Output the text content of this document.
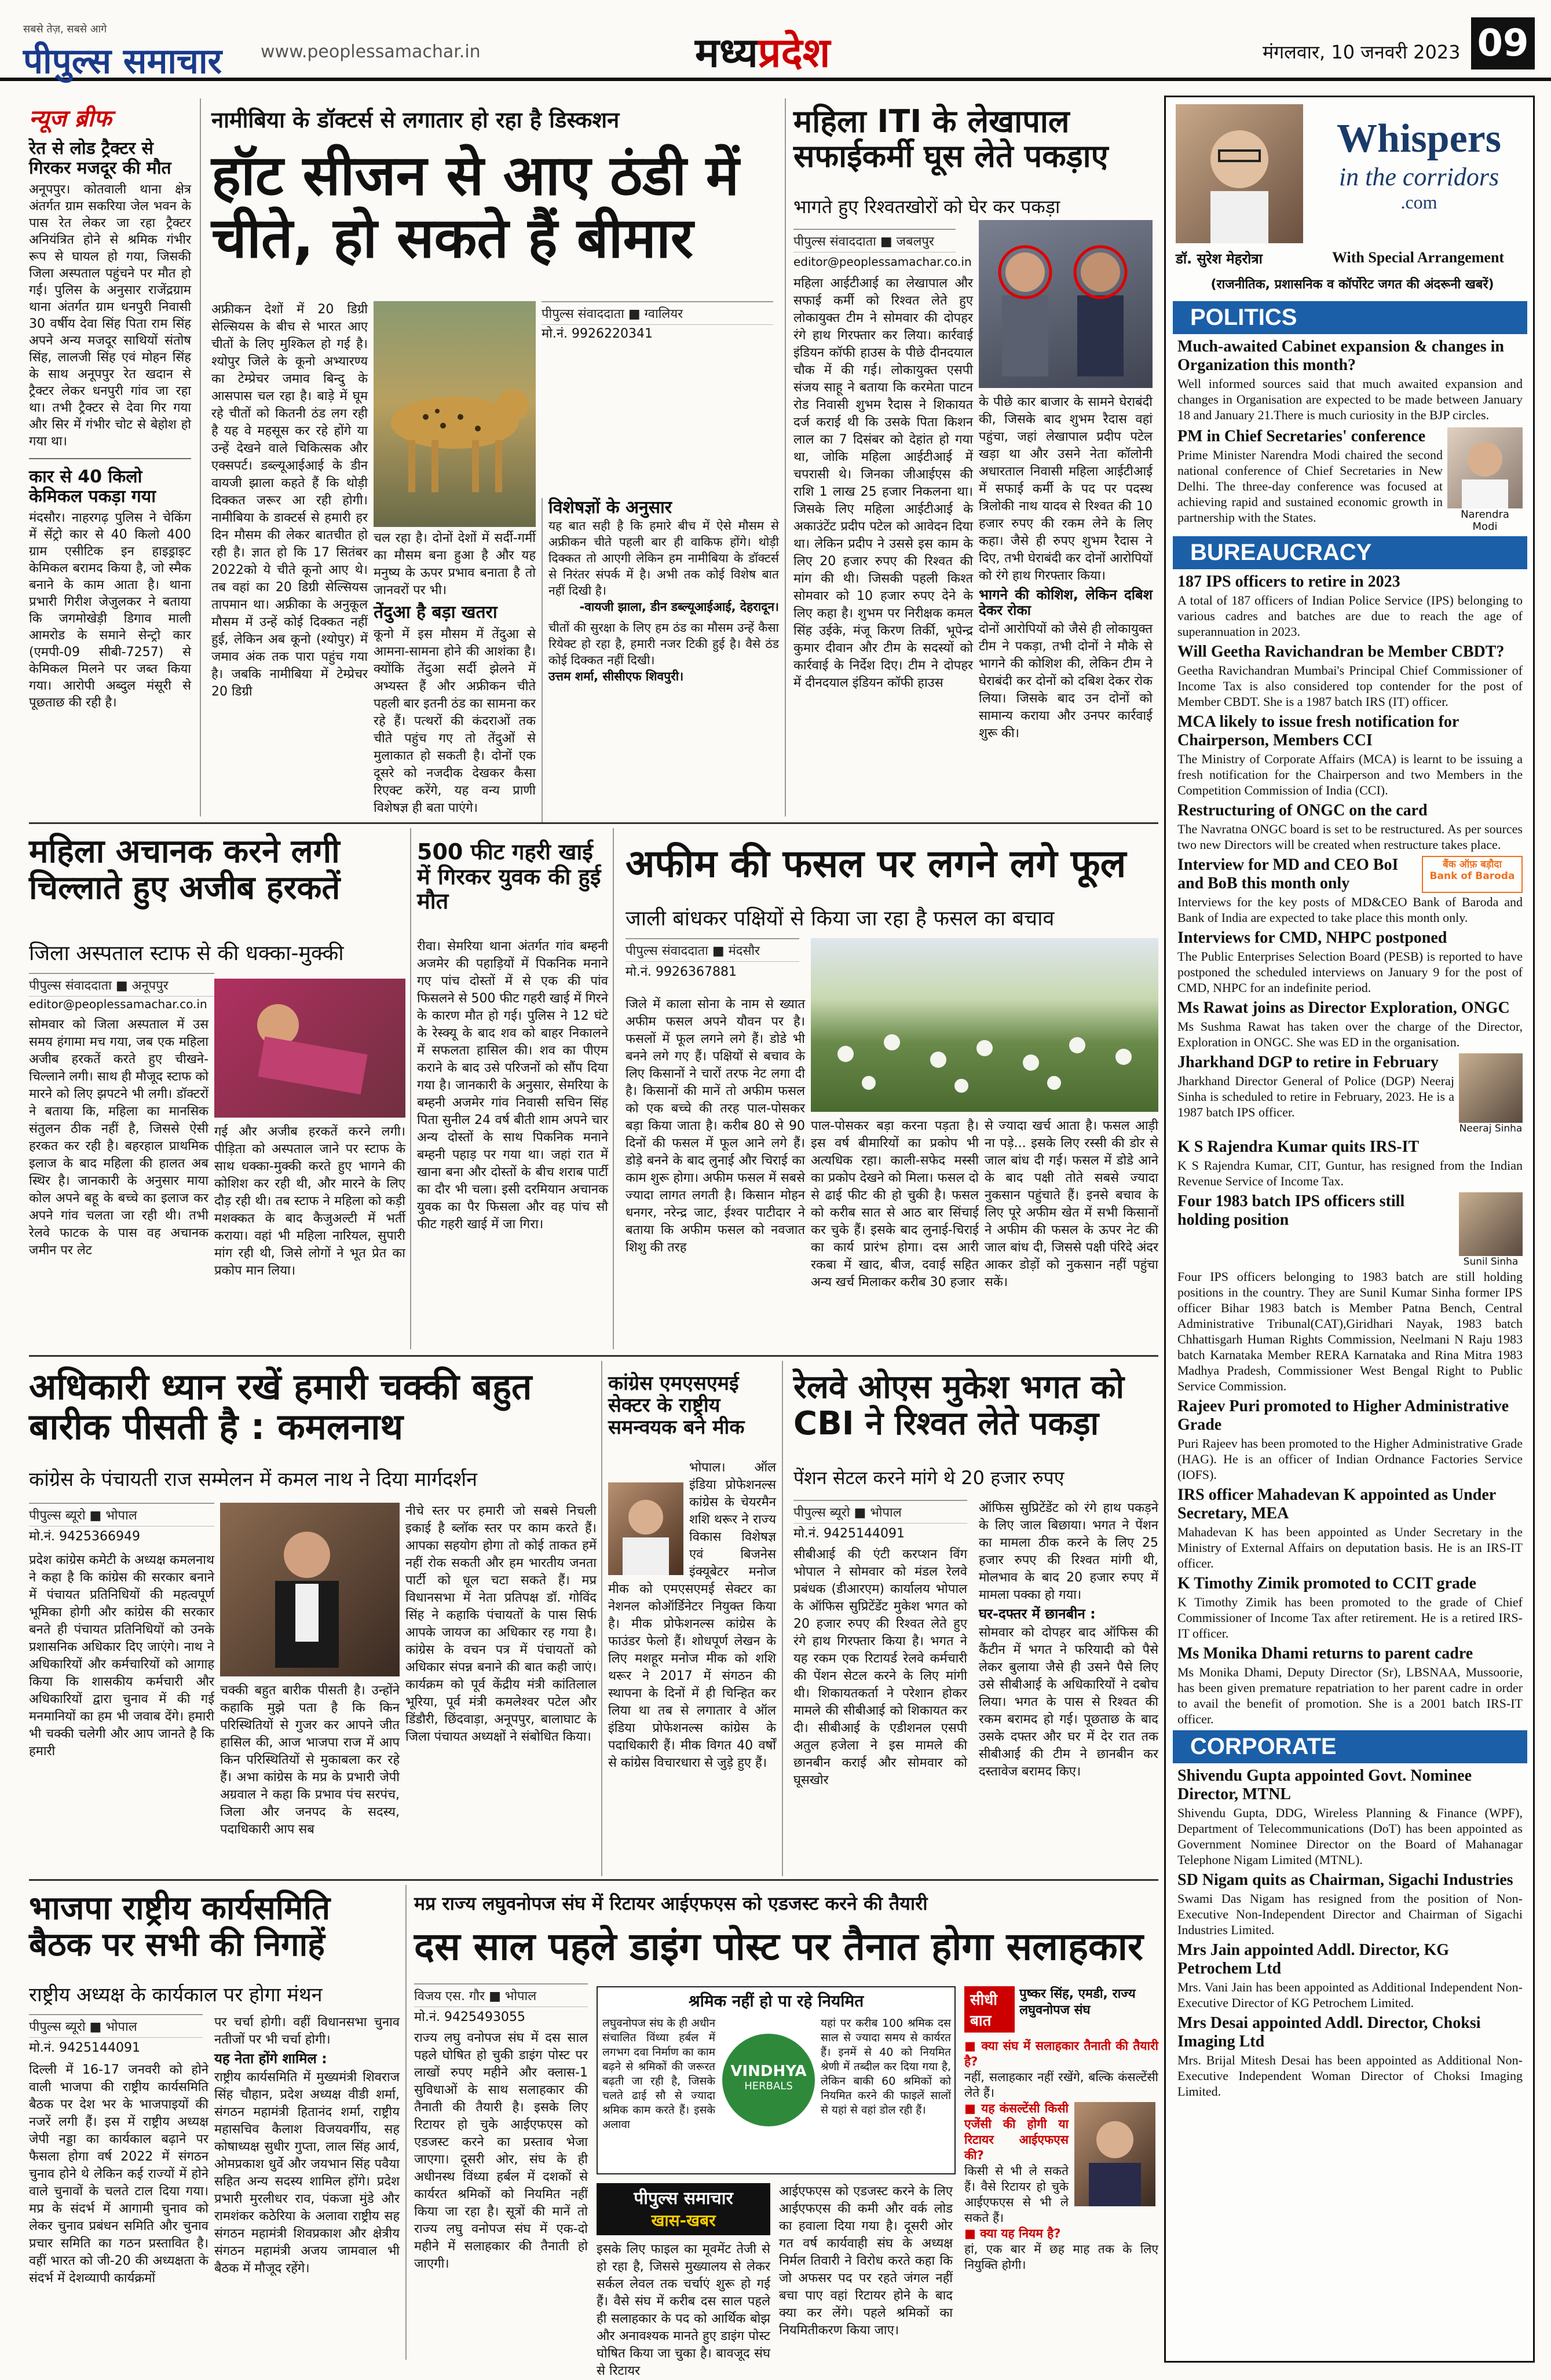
सबसे तेज़, सबसे आगे
पीपुल्स समाचार www.peoplessamachar.in	मध्यप्रदेश	मंगलवार, 10 जनवरी 2023 09
न्यूज ब्रीफ
रेत से लोड ट्रैक्टर से गिरकर मजदूर की मौत
अनूपपुर। कोतवाली थाना क्षेत्र अंतर्गत ग्राम सकरिया जेल भवन के पास रेत लेकर जा रहा ट्रैक्टर अनियंत्रित होने से श्रमिक गंभीर रूप से घायल हो गया, जिसकी जिला अस्पताल पहुंचने पर मौत हो गई। पुलिस के अनुसार राजेंद्रग्राम थाना अंतर्गत ग्राम धनपुरी निवासी 30 वर्षीय देवा सिंह पिता राम सिंह अपने अन्य मजदूर साथियों संतोष सिंह, लालजी सिंह एवं मोहन सिंह के साथ अनूपपुर रेत खदान से ट्रैक्टर लेकर धनपुरी गांव जा रहा था। तभी ट्रैक्टर से देवा गिर गया और सिर में गंभीर चोट से बेहोश हो गया था।
कार से 40 किलो केमिकल पकड़ा गया
मंदसौर। नाहरगढ़ पुलिस ने चेकिंग में सेंट्रो कार से 40 किलो 400 ग्राम एसीटिक इन हाइड्राइट केमिकल बरामद किया है, जो स्मैक बनाने के काम आता है। थाना प्रभारी गिरीश जेजुलकर ने बताया कि जगमोखेड़ी डिगाव माली आमरोड के समाने सेन्ट्रो कार (एमपी-09 सीबी-7257) से केमिकल मिलने पर जब्त किया गया। आरोपी अब्दुल मंसूरी से पूछताछ की रही है।
नामीबिया के डॉक्टर्स से लगातार हो रहा है डिस्कशन
हॉट सीजन से आए ठंडी में चीते, हो सकते हैं बीमार
पीपुल्स संवाददाता ■ ग्वालियर
मो.नं. 9926220341
अफ्रीकन देशों में 20 डिग्री सेल्सियस के बीच से भारत आए चीतों के लिए मुश्किल हो गई है। श्योपुर जिले के कूनो अभ्यारण्य का टेम्प्रेचर जमाव बिन्दु के आसपास चल रहा है। बाड़े में घूम रहे चीतों को कितनी ठंड लग रही है यह वे महसूस कर रहे होंगे या उन्हें देखने वाले चिकित्सक और एक्सपर्ट। डब्ल्यूआईआई के डीन वायजी झाला कहते हैं कि थोड़ी दिक्कत जरूर आ रही होगी। नामीबिया के डाक्टर्स से हमारी हर दिन मौसम की लेकर बातचीत हो रही है। ज्ञात हो कि 17 सितंबर 2022को ये चीते कूनो आए थे। तब वहां का 20 डिग्री सेल्सियस तापमान था। अफ्रीका के अनुकूल मौसम में उन्हें कोई दिक्कत नहीं हुई, लेकिन अब कूनो (श्योपुर) में जमाव अंक तक पारा पहुंच गया है। जबकि नामीबिया में टेम्प्रेचर 20 डिग्री
चल रहा है। दोनों देशों में सर्दी-गर्मी का मौसम बना हुआ है और यह मनुष्य के ऊपर प्रभाव बनाता है तो जानवरों पर भी।
तेंदुआ है बड़ा खतरा
कूनो में इस मौसम में तेंदुआ से आमना-सामना होने की आशंका है। क्योंकि तेंदुआ सर्दी झेलने में अभ्यस्त हैं और अफ्रीकन चीते पहली बार इतनी ठंड का सामना कर रहे हैं। पत्थरों की कंदराओं तक चीते पहुंच गए तो तेंदुओं से मुलाकात हो सकती है। दोनों एक दूसरे को नजदीक देखकर कैसा रिएक्ट करेंगे, यह वन्य प्राणी विशेषज्ञ ही बता पाएंगे।
विशेषज्ञों के अनुसार
यह बात सही है कि हमारे बीच में ऐसे मौसम से अफ्रीकन चीते पहली बार ही वाकिफ होंगे। थोड़ी दिक्कत तो आएगी लेकिन हम नामीबिया के डॉक्टर्स से निरंतर संपर्क में है। अभी तक कोई विशेष बात नहीं दिखी है।
-वायजी झाला, डीन डब्ल्यूआईआई, देहरादून।
चीतों की सुरक्षा के लिए हम ठंड का मौसम उन्हें कैसा रियेक्ट हो रहा है, हमारी नजर टिकी हुई है। वैसे ठंड कोई दिक्कत नहीं दिखी।
उत्तम शर्मा, सीसीएफ शिवपुरी।
महिला ITI के लेखापाल सफाईकर्मी घूस लेते पकड़ाए
भागते हुए रिश्वतखोरों को घेर कर पकड़ा
पीपुल्स संवाददाता ■ जबलपुर
editor@peoplessamachar.co.in
महिला आईटीआई का लेखापाल और सफाई कर्मी को रिश्वत लेते हुए लोकायुक्त टीम ने सोमवार की दोपहर रंगे हाथ गिरफ्तार कर लिया। कार्रवाई इंडियन कॉफी हाउस के पीछे दीनदयाल चौक में की गई। लोकायुक्त एसपी संजय साहू ने बताया कि करमेता पाटन रोड निवासी शुभम रैदास ने शिकायत दर्ज कराई थी कि उसके पिता किशन लाल का 7 दिसंबर को देहांत हो गया था, जोकि महिला आईटीआई में चपरासी थे। जिनका जीआईएस की राशि 1 लाख 25 हजार निकलना था। जिसके लिए महिला आईटीआई के अकाउंटेंट प्रदीप पटेल को आवेदन दिया था। लेकिन प्रदीप ने उससे इस काम के लिए 20 हजार रुपए की रिश्वत की मांग की थी। जिसकी पहली किश्त सोमवार को 10 हजार रुपए देने के लिए कहा है। शुभम पर निरीक्षक कमल सिंह उईके, मंजू किरण तिर्की, भूपेन्द्र कुमार दीवान और टीम के सदस्यों को कार्रवाई के निर्देश दिए। टीम ने दोपहर में दीनदयाल इंडियन कॉफी हाउस
के पीछे कार बाजार के सामने घेराबंदी की, जिसके बाद शुभम रैदास वहां पहुंचा, जहां लेखापाल प्रदीप पटेल खड़ा था और उसने नेता कॉलोनी अधारताल निवासी महिला आईटीआई में सफाई कर्मी के पद पर पदस्थ त्रिलोकी नाथ यादव से रिश्वत की 10 हजार रुपए की रकम लेने के लिए कहा। जैसे ही रुपए शुभम रैदास ने दिए, तभी घेराबंदी कर दोनों आरोपियों को रंगे हाथ गिरफ्तार किया।
भागने की कोशिश, लेकिन दबिश देकर रोका
दोनों आरोपियों को जैसे ही लोकायुक्त टीम ने पकड़ा, तभी दोनों ने मौके से भागने की कोशिश की, लेकिन टीम ने घेराबंदी कर दोनों को दबिश देकर रोक लिया। जिसके बाद उन दोनों को सामान्य कराया और उनपर कार्रवाई शुरू की।
महिला अचानक करने लगी चिल्लाते हुए अजीब हरकतें
जिला अस्पताल स्टाफ से की धक्का-मुक्की
पीपुल्स संवाददाता ■ अनूपपुर
editor@peoplessamachar.co.in
सोमवार को जिला अस्पताल में उस समय हंगामा मच गया, जब एक महिला अजीब हरकतें करते हुए चीखने-चिल्लाने लगी। साथ ही मौजूद स्टाफ को मारने को लिए झपटने भी लगी। डॉक्टरों ने बताया कि, महिला का मानसिक संतुलन ठीक नहीं है, जिससे ऐसी हरकत कर रही है। बहरहाल प्राथमिक इलाज के बाद महिला की हालत अब स्थिर है। जानकारी के अनुसार माया कोल अपने बहू के बच्चे का इलाज कर अपने गांव चलता जा रही थी। तभी रेलवे फाटक के पास वह अचानक जमीन पर लेट
गई और अजीब हरकतें करने लगी। पीड़िता को अस्पताल जाने पर स्टाफ के साथ धक्का-मुक्की करते हुए भागने की कोशिश कर रही थी, और मारने के लिए दौड़ रही थी। तब स्टाफ ने महिला को कड़ी मशक्कत के बाद कैजुअल्टी में भर्ती कराया। वहां भी महिला नारियल, सुपारी मांग रही थी, जिसे लोगों ने भूत प्रेत का प्रकोप मान लिया।
500 फीट गहरी खाई में गिरकर युवक की हुई मौत
रीवा। सेमरिया थाना अंतर्गत गांव बम्हनी अजमेर की पहाड़ियों में पिकनिक मनाने गए पांच दोस्तों में से एक की पांव फिसलने से 500 फीट गहरी खाई में गिरने के कारण मौत हो गई। पुलिस ने 12 घंटे के रेस्क्यू के बाद शव को बाहर निकालने में सफलता हासिल की। शव का पीएम कराने के बाद उसे परिजनों को सौंप दिया गया है। जानकारी के अनुसार, सेमरिया के बम्हनी अजमेर गांव निवासी सचिन सिंह पिता सुनील 24 वर्ष बीती शाम अपने चार अन्य दोस्तों के साथ पिकनिक मनाने बम्हनी पहाड़ पर गया था। जहां रात में खाना बना और दोस्तों के बीच शराब पार्टी का दौर भी चला। इसी दरमियान अचानक युवक का पैर फिसला और वह पांच सौ फीट गहरी खाई में जा गिरा।
अफीम की फसल पर लगने लगे फूल
जाली बांधकर पक्षियों से किया जा रहा है फसल का बचाव
पीपुल्स संवाददाता ■ मंदसौर
मो.नं. 9926367881
जिले में काला सोना के नाम से ख्यात अफीम फसल अपने यौवन पर है। फसलों में फूल लगने लगे हैं। डोडे भी बनने लगे गए हैं। पक्षियों से बचाव के लिए किसानों ने चारों तरफ नेट लगा दी है। किसानों की मानें तो अफीम फसल को एक बच्चे की तरह पाल-पोसकर बड़ा किया जाता है। करीब 80 से 90 दिनों की फसल में फूल आने लगे हैं। डोड़े बनने के बाद लुनाई और चिराई का काम शुरू होगा। अफीम फसल में सबसे ज्यादा लागत लगती है। किसान मोहन धनगर, नरेन्द्र जाट, ईश्वर पाटीदार ने बताया कि अफीम फसल को नवजात शिशु की तरह
पाल-पोसकर बड़ा करना पड़ता है। इस वर्ष बीमारियों का प्रकोप भी अत्यधिक रहा। काली-सफेद मस्सी का प्रकोप देखने को मिला। फसल दो से ढाई फीट की हो चुकी है। फसल को करीब सात से आठ बार सिंचाई कर चुके हैं। इसके बाद लुनाई-चिराई का कार्य प्रारंभ होगा। दस आरी रकबा में खाद, बीज, दवाई सहित अन्य खर्च मिलाकर करीब 30 हजार
से ज्यादा खर्च आता है। फसल आड़ी ना पड़े... इसके लिए रस्सी की डोर से जाल बांध दी गई। फसल में डोडे आने के बाद पक्षी तोते सबसे ज्यादा नुकसान पहुंचाते हैं। इनसे बचाव के लिए पूरे अफीम खेत में सभी किसानों ने अफीम की फसल के ऊपर नेट की जाल बांध दी, जिससे पक्षी पंरिदे अंदर आकर डोड़ों को नुकसान नहीं पहुंचा सकें।
अधिकारी ध्यान रखें हमारी चक्की बहुत बारीक पीसती है : कमलनाथ
कांग्रेस के पंचायती राज सम्मेलन में कमल नाथ ने दिया मार्गदर्शन
पीपुल्स ब्यूरो ■ भोपाल
मो.नं. 9425366949
प्रदेश कांग्रेस कमेटी के अध्यक्ष कमलनाथ ने कहा है कि कांग्रेस की सरकार बनाने में पंचायत प्रतिनिधियों की महत्वपूर्ण भूमिका होगी और कांग्रेस की सरकार बनते ही पंचायत प्रतिनिधियों को उनके प्रशासनिक अधिकार दिए जाएंगे। नाथ ने अधिकारियों और कर्मचारियों को आगाह किया कि शासकीय कर्मचारी और अधिकारियों द्वारा चुनाव में की गई मनमानियों का हम भी जवाब देंगे। हमारी भी चक्की चलेगी और आप जानते है कि हमारी
चक्की बहुत बारीक पीसती है। उन्होंने कहाकि मुझे पता है कि किन परिस्थितियों से गुजर कर आपने जीत हासिल की, आज भाजपा राज में आप किन परिस्थितियों से मुकाबला कर रहे हैं। अभा कांग्रेस के मप्र के प्रभारी जेपी अग्रवाल ने कहा कि प्रभाव पंच सरपंच, जिला और जनपद के सदस्य, पदाधिकारी आप सब
नीचे स्तर पर हमारी जो सबसे निचली इकाई है ब्लॉक स्तर पर काम करते हैं। आपका सहयोग होगा तो कोई ताकत हमें नहीं रोक सकती और हम भारतीय जनता पार्टी को धूल चटा सकते हैं। मप्र विधानसभा में नेता प्रतिपक्ष डॉ. गोविंद सिंह ने कहाकि पंचायतों के पास सिर्फ आपके जायज का अधिकार रह गया है। कांग्रेस के वचन पत्र में पंचायतों को अधिकार संपन्न बनाने की बात कही जाएं। कार्यक्रम को पूर्व केंद्रीय मंत्री कांतिलाल भूरिया, पूर्व मंत्री कमलेश्वर पटेल और डिंडौरी, छिंदवाड़ा, अनूपपुर, बालाघाट के जिला पंचायत अध्यक्षों ने संबोधित किया।
कांग्रेस एमएसएमई सेक्टर के राष्ट्रीय समन्वयक बने मीक
भोपाल। ऑल इंडिया प्रोफेशनल्स कांग्रेस के चेयरमैन शशि थरूर ने राज्य विकास विशेषज्ञ एवं बिजनेस इंक्यूबेटर मनोज मीक को एमएसएमई सेक्टर का नेशनल कोऑर्डिनेटर नियुक्त किया है। मीक प्रोफेशनल्स कांग्रेस के फाउंडर फेलो हैं। शोधपूर्ण लेखन के लिए मशहूर मनोज मीक को शशि थरूर ने 2017 में संगठन की स्थापना के दिनों में ही चिन्हित कर लिया था तब से लगातार वे ऑल इंडिया प्रोफेशनल्स कांग्रेस के पदाधिकारी हैं। मीक विगत 40 वर्षों से कांग्रेस विचारधारा से जुड़े हुए हैं।
रेलवे ओएस मुकेश भगत को CBI ने रिश्वत लेते पकड़ा
पेंशन सेटल करने मांगे थे 20 हजार रुपए
पीपुल्स ब्यूरो ■ भोपाल
मो.नं. 9425144091
सीबीआई की एंटी करप्शन विंग भोपाल ने सोमवार को मंडल रेलवे प्रबंधक (डीआरएम) कार्यालय भोपाल के ऑफिस सुप्रिटेंडेंट मुकेश भगत को 20 हजार रुपए की रिश्वत लेते हुए रंगे हाथ गिरफ्तार किया है। भगत ने यह रकम एक रिटायर्ड रेलवे कर्मचारी की पेंशन सेटल करने के लिए मांगी थी। शिकायतकर्ता ने परेशान होकर मामले की सीबीआई को शिकायत कर दी। सीबीआई के एडीशनल एसपी अतुल हजेला ने इस मामले की छानबीन कराई और सोमवार को घूसखोर
ऑफिस सुप्रिटेंडेंट को रंगे हाथ पकड़ने के लिए जाल बिछाया। भगत ने पेंशन का मामला ठीक करने के लिए 25 हजार रुपए की रिश्वत मांगी थी, मोलभाव के बाद 20 हजार रुपए में मामला पक्का हो गया।
घर-दफ्तर में छानबीन :
सोमवार को दोपहर बाद ऑफिस की कैंटीन में भगत ने फरियादी को पैसे लेकर बुलाया जैसे ही उसने पैसे लिए उसे सीबीआई के अधिकारियों ने दबोच लिया। भगत के पास से रिश्वत की रकम बरामद हो गई। पूछताछ के बाद उसके दफ्तर और घर में देर रात तक सीबीआई की टीम ने छानबीन कर दस्तावेज बरामद किए।
भाजपा राष्ट्रीय कार्यसमिति बैठक पर सभी की निगाहें
राष्ट्रीय अध्यक्ष के कार्यकाल पर होगा मंथन
पीपुल्स ब्यूरो ■ भोपाल
मो.नं. 9425144091
दिल्ली में 16-17 जनवरी को होने वाली भाजपा की राष्ट्रीय कार्यसमिति बैठक पर देश भर के भाजपाइयों की नजरें लगी हैं। इस में राष्ट्रीय अध्यक्ष जेपी नड्डा का कार्यकाल बढ़ाने पर फैसला होगा वर्ष 2022 में संगठन चुनाव होने थे लेकिन कई राज्यों में होने वाले चुनावों के चलते टाल दिया गया। मप्र के संदर्भ में आगामी चुनाव को लेकर चुनाव प्रबंधन समिति और चुनाव प्रचार समिति का गठन प्रस्तावित है। वहीं भारत को जी-20 की अध्यक्षता के संदर्भ में देशव्यापी कार्यक्रमों
पर चर्चा होगी। वहीं विधानसभा चुनाव नतीजों पर भी चर्चा होगी।
यह नेता होंगे शामिल :
राष्ट्रीय कार्यसमिति में मुख्यमंत्री शिवराज सिंह चौहान, प्रदेश अध्यक्ष वीडी शर्मा, संगठन महामंत्री हितानंद शर्मा, राष्ट्रीय महासचिव कैलाश विजयवर्गीय, सह कोषाध्यक्ष सुधीर गुप्ता, लाल सिंह आर्य, ओमप्रकाश धुर्वे और जयभान सिंह पवैया सहित अन्य सदस्य शामिल होंगे। प्रदेश प्रभारी मुरलीधर राव, पंकजा मुंडे और रामशंकर कठेरिया के अलावा राष्ट्रीय सह संगठन महामंत्री शिवप्रकाश और क्षेत्रीय संगठन महामंत्री अजय जामवाल भी बैठक में मौजूद रहेंगे।
मप्र राज्य लघुवनोपज संघ में रिटायर आईएफएस को एडजस्ट करने की तैयारी
दस साल पहले डाइंग पोस्ट पर तैनात होगा सलाहकार
विजय एस. गौर ■ भोपाल
मो.नं. 9425493055
राज्य लघु वनोपज संघ में दस साल पहले घोषित हो चुकी डाइंग पोस्ट पर लाखों रुपए महीने और क्लास-1 सुविधाओं के साथ सलाहकार की तैनाती की तैयारी है। इसके लिए रिटायर हो चुके आईएफएस को एडजस्ट करने का प्रस्ताव भेजा जाएगा। दूसरी ओर, संघ के ही अधीनस्थ विंध्या हर्बल में दशकों से कार्यरत श्रमिकों को नियमित नहीं किया जा रहा है। सूत्रों की मानें तो राज्य लघु वनोपज संघ में एक-दो महीने में सलाहकार की तैनाती हो जाएगी।
श्रमिक नहीं हो पा रहे नियमित
लघुवनोपज संघ के ही अधीन संचालित विंध्या हर्बल में लगभग दवा निर्माण का काम बढ़ने से श्रमिकों की जरूरत बढ़ती जा रही है, जिसके चलते ढाई सौ से ज्यादा श्रमिक काम करते हैं। इसके अलावा
VINDHYA
HERBALS
यहां पर करीब 100 श्रमिक दस साल से ज्यादा समय से कार्यरत हैं। इनमें से 40 को नियमित श्रेणी में तब्दील कर दिया गया है, लेकिन बाकी 60 श्रमिकों को नियमित करने की फाइलें सालों से यहां से वहां डोल रही हैं।
पीपुल्स समाचार
खास-खबर
इसके लिए फाइल का मूवमेंट तेजी से हो रहा है, जिससे मुख्यालय से लेकर सर्कल लेवल तक चर्चाएं शुरू हो गई हैं। वैसे संघ में करीब दस साल पहले ही सलाहकार के पद को आर्थिक बोझ और अनावश्यक मानते हुए डाइंग पोस्ट घोषित किया जा चुका है। बावजूद संघ से रिटायर
आईएफएस को एडजस्ट करने के लिए आईएफएस की कमी और वर्क लोड का हवाला दिया गया है। दूसरी ओर गत वर्ष कार्यवाही संघ के अध्यक्ष निर्मल तिवारी ने विरोध करते कहा कि जो अफसर पद पर रहते जंगल नहीं बचा पाए वहां रिटायर होने के बाद क्या कर लेंगे। पहले श्रमिकों का नियमितीकरण किया जाए।
सीधी बात
पुष्कर सिंह, एमडी, राज्य लघुवनोपज संघ
■ क्या संघ में सलाहकार तैनाती की तैयारी है?
नहीं, सलाहकार नहीं रखेंगे, बल्कि कंसल्टेंसी लेते हैं।
■ यह कंसल्टेंसी किसी एजेंसी की होगी या रिटायर आईएफएस की?
किसी से भी ले सकते हैं। वैसे रिटायर हो चुके आईएफएस से भी ले सकते हैं।
■ क्या यह नियम है?
हां, एक बार में छह माह तक के लिए नियुक्ति होगी।
Whispers
in the corridors
.com
डॉ. सुरेश मेहरोत्रा	With Special Arrangement
(राजनीतिक, प्रशासनिक व कॉर्पोरेट जगत की अंदरूनी खबरें)
POLITICS
Much-awaited Cabinet expansion & changes in Organization this month?
Well informed sources said that much awaited expansion and changes in Organisation are expected to be made between January 18 and January 21.There is much curiosity in the BJP circles.
PM in Chief Secretaries' conference
Prime Minister Narendra Modi chaired the second national conference of Chief Secretaries in New Delhi. The three-day conference was focused at achieving rapid and sustained economic growth in partnership with the States.	Narendra Modi
BUREAUCRACY
187 IPS officers to retire in 2023
A total of 187 officers of Indian Police Service (IPS) belonging to various cadres and batches are due to reach the age of superannuation in 2023.
Will Geetha Ravichandran be Member CBDT?
Geetha Ravichandran Mumbai's Principal Chief Commissioner of Income Tax is also considered top contender for the post of Member CBDT. She is a 1987 batch IRS (IT) officer.
MCA likely to issue fresh notification for Chairperson, Members CCI
The Ministry of Corporate Affairs (MCA) is learnt to be issuing a fresh notification for the Chairperson and two Members in the Competition Commission of India (CCI).
Restructuring of ONGC on the card
The Navratna ONGC board is set to be restructured. As per sources two new Directors will be created when restructure takes place.
Interview for MD and CEO BoI and BoB this month only
बैंक ऑफ़ बड़ौदा
Bank of Baroda
Interviews for the key posts of MD&CEO Bank of Baroda and Bank of India are expected to take place this month only.
Interviews for CMD, NHPC postponed
The Public Enterprises Selection Board (PESB) is reported to have postponed the scheduled interviews on January 9 for the post of CMD, NHPC for an indefinite period.
Ms Rawat joins as Director Exploration, ONGC
Ms Sushma Rawat has taken over the charge of the Director, Exploration in ONGC. She was ED in the organisation.
Jharkhand DGP to retire in February
Jharkhand Director General of Police (DGP) Neeraj Sinha is scheduled to retire in February, 2023. He is a 1987 batch IPS officer.
Neeraj Sinha
K S Rajendra Kumar quits IRS-IT
K S Rajendra Kumar, CIT, Guntur, has resigned from the Indian Revenue Service of Income Tax.
Four 1983 batch IPS officers still holding position
Sunil Sinha
Four IPS officers belonging to 1983 batch are still holding positions in the country. They are Sunil Kumar Sinha former IPS officer Bihar 1983 batch is Member Patna Bench, Central Administrative Tribunal(CAT),Giridhari Nayak, 1983 batch Chhattisgarh Human Rights Commission, Neelmani N Raju 1983 batch Karnataka Member RERA Karnataka and Rina Mitra 1983 Madhya Pradesh, Commissioner West Bengal Right to Public Service Commission.
Rajeev Puri promoted to Higher Administrative Grade
Puri Rajeev has been promoted to the Higher Administrative Grade (HAG). He is an officer of Indian Ordnance Factories Service (IOFS).
IRS officer Mahadevan K appointed as Under Secretary, MEA
Mahadevan K has been appointed as Under Secretary in the Ministry of External Affairs on deputation basis. He is an IRS-IT officer.
K Timothy Zimik promoted to CCIT grade
K Timothy Zimik has been promoted to the grade of Chief Commissioner of Income Tax after retirement. He is a retired IRS-IT officer.
Ms Monika Dhami returns to parent cadre
Ms Monika Dhami, Deputy Director (Sr), LBSNAA, Mussoorie, has been given premature repatriation to her parent cadre in order to avail the benefit of promotion. She is a 2001 batch IRS-IT officer.
CORPORATE
Shivendu Gupta appointed Govt. Nominee Director, MTNL
Shivendu Gupta, DDG, Wireless Planning & Finance (WPF), Department of Telecommunications (DoT) has been appointed as Government Nominee Director on the Board of Mahanagar Telephone Nigam Limited (MTNL).
SD Nigam quits as Chairman, Sigachi Industries
Swami Das Nigam has resigned from the position of Non-Executive Non-Independent Director and Chairman of Sigachi Industries Limited.
Mrs Jain appointed Addl. Director, KG Petrochem Ltd
Mrs. Vani Jain has been appointed as Additional Independent Non-Executive Director of KG Petrochem Limited.
Mrs Desai appointed Addl. Director, Choksi Imaging Ltd
Mrs. Brijal Mitesh Desai has been appointed as Additional Non-Executive Independent Woman Director of Choksi Imaging Limited.
